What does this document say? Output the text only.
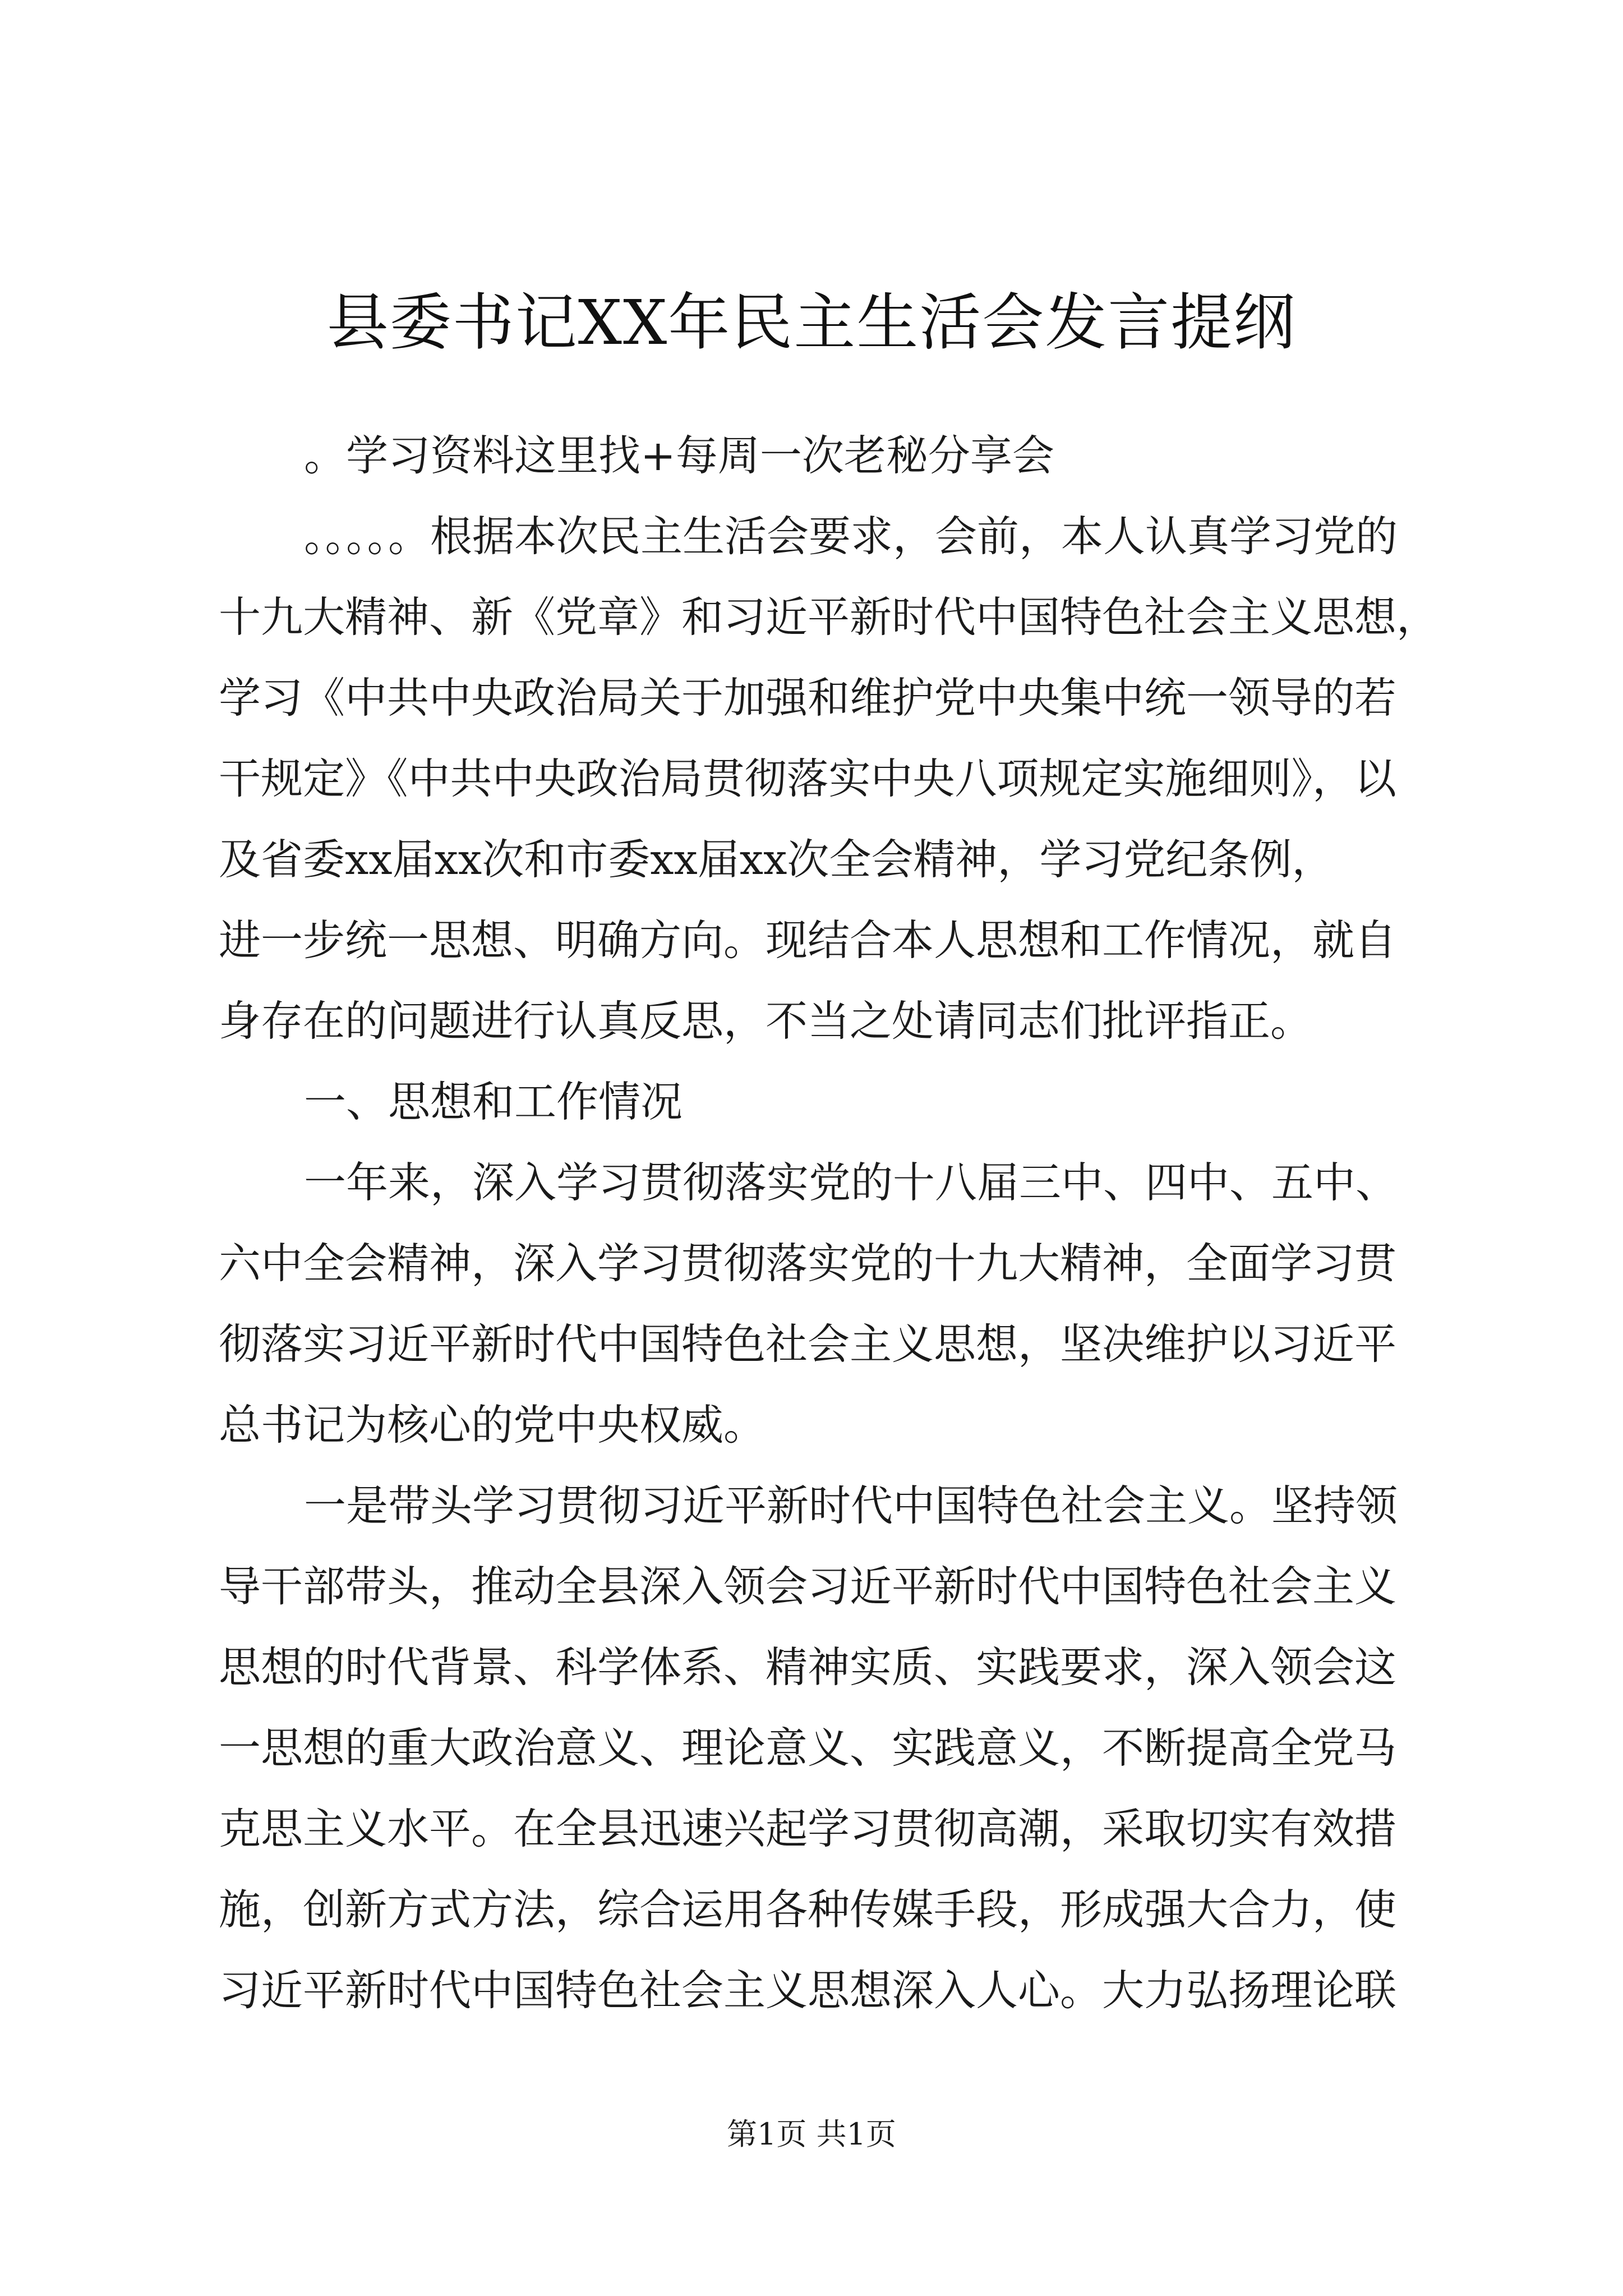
县委书记XX年民主生活会发言提纲
。学习资料这里找+每周一次老秘分享会
。。。。。根据本次民主生活会要求，会前，本人认真学习党的
十九大精神、新《党章》和习近平新时代中国特色社会主义思想，
学习《中共中央政治局关于加强和维护党中央集中统一领导的若
干规定》《中共中央政治局贯彻落实中央八项规定实施细则》，以
及省委xx届xx次和市委xx届xx次全会精神，学习党纪条例，
进一步统一思想、明确方向。现结合本人思想和工作情况，就自
身存在的问题进行认真反思，不当之处请同志们批评指正。
一、思想和工作情况
一年来，深入学习贯彻落实党的十八届三中、四中、五中、
六中全会精神，深入学习贯彻落实党的十九大精神，全面学习贯
彻落实习近平新时代中国特色社会主义思想，坚决维护以习近平
总书记为核心的党中央权威。
一是带头学习贯彻习近平新时代中国特色社会主义。坚持领
导干部带头，推动全县深入领会习近平新时代中国特色社会主义
思想的时代背景、科学体系、精神实质、实践要求，深入领会这
一思想的重大政治意义、理论意义、实践意义，不断提高全党马
克思主义水平。在全县迅速兴起学习贯彻高潮，采取切实有效措
施，创新方式方法，综合运用各种传媒手段，形成强大合力，使
习近平新时代中国特色社会主义思想深入人心。大力弘扬理论联
第1页 共1页
